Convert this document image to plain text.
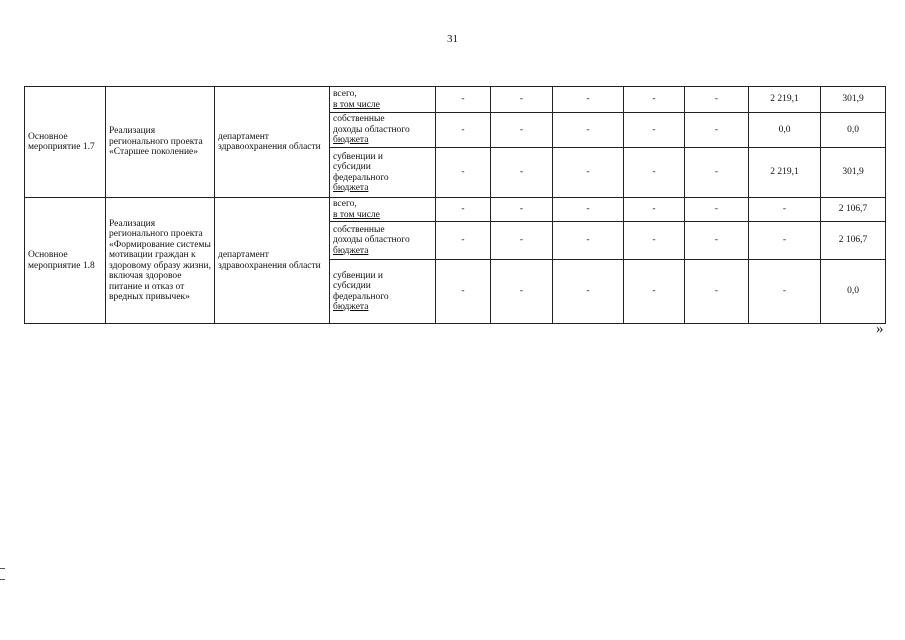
31
Основное мероприятие 1.7	Реализация регионального проекта «Старшее поколение»	департамент здравоохранения области	всего,
в том числе	-	-	-	-	-	2 219,1	301,9

			собственные
доходы областного
бюджета	-	-	-	-	-	0,0	0,0

			субвенции и
субсидии
федерального
бюджета	-	-	-	-	-	2 219,1	301,9
Основное мероприятие 1.8	Реализация регионального проекта «Формирование системы мотивации граждан к здоровому образу жизни, включая здоровое питание и отказ от вредных привычек»	департамент здравоохранения области	всего,
в том числе	-	-	-	-	-	-	2 106,7

			собственные
доходы областного
бюджета	-	-	-	-	-	-	2 106,7

			субвенции и
субсидии
федерального
бюджета	-	-	-	-	-	-	0,0
»
